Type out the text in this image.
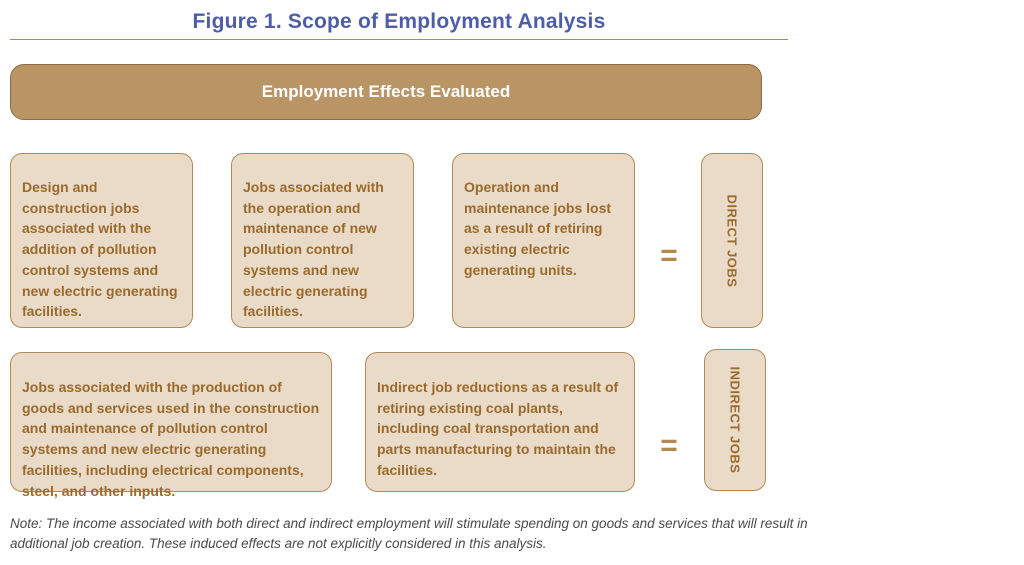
Figure 1. Scope of Employment Analysis
Employment Effects Evaluated
Design and construction jobs associated with the addition of pollution control systems and new electric generating facilities.
Jobs associated with the operation and maintenance of new pollution control systems and new electric generating facilities.
Operation and maintenance jobs lost as a result of retiring existing electric generating units.	=	DIRECT JOBS
Jobs associated with the production of goods and services used in the construction and maintenance of pollution control systems and new electric generating facilities, including electrical components, steel, and other inputs.
Indirect job reductions as a result of retiring existing coal plants, including coal transportation and parts manufacturing to maintain the facilities.
=	INDIRECT JOBS
Note: The income associated with both direct and indirect employment will stimulate spending on goods and services that will result in additional job creation. These induced effects are not explicitly considered in this analysis.
